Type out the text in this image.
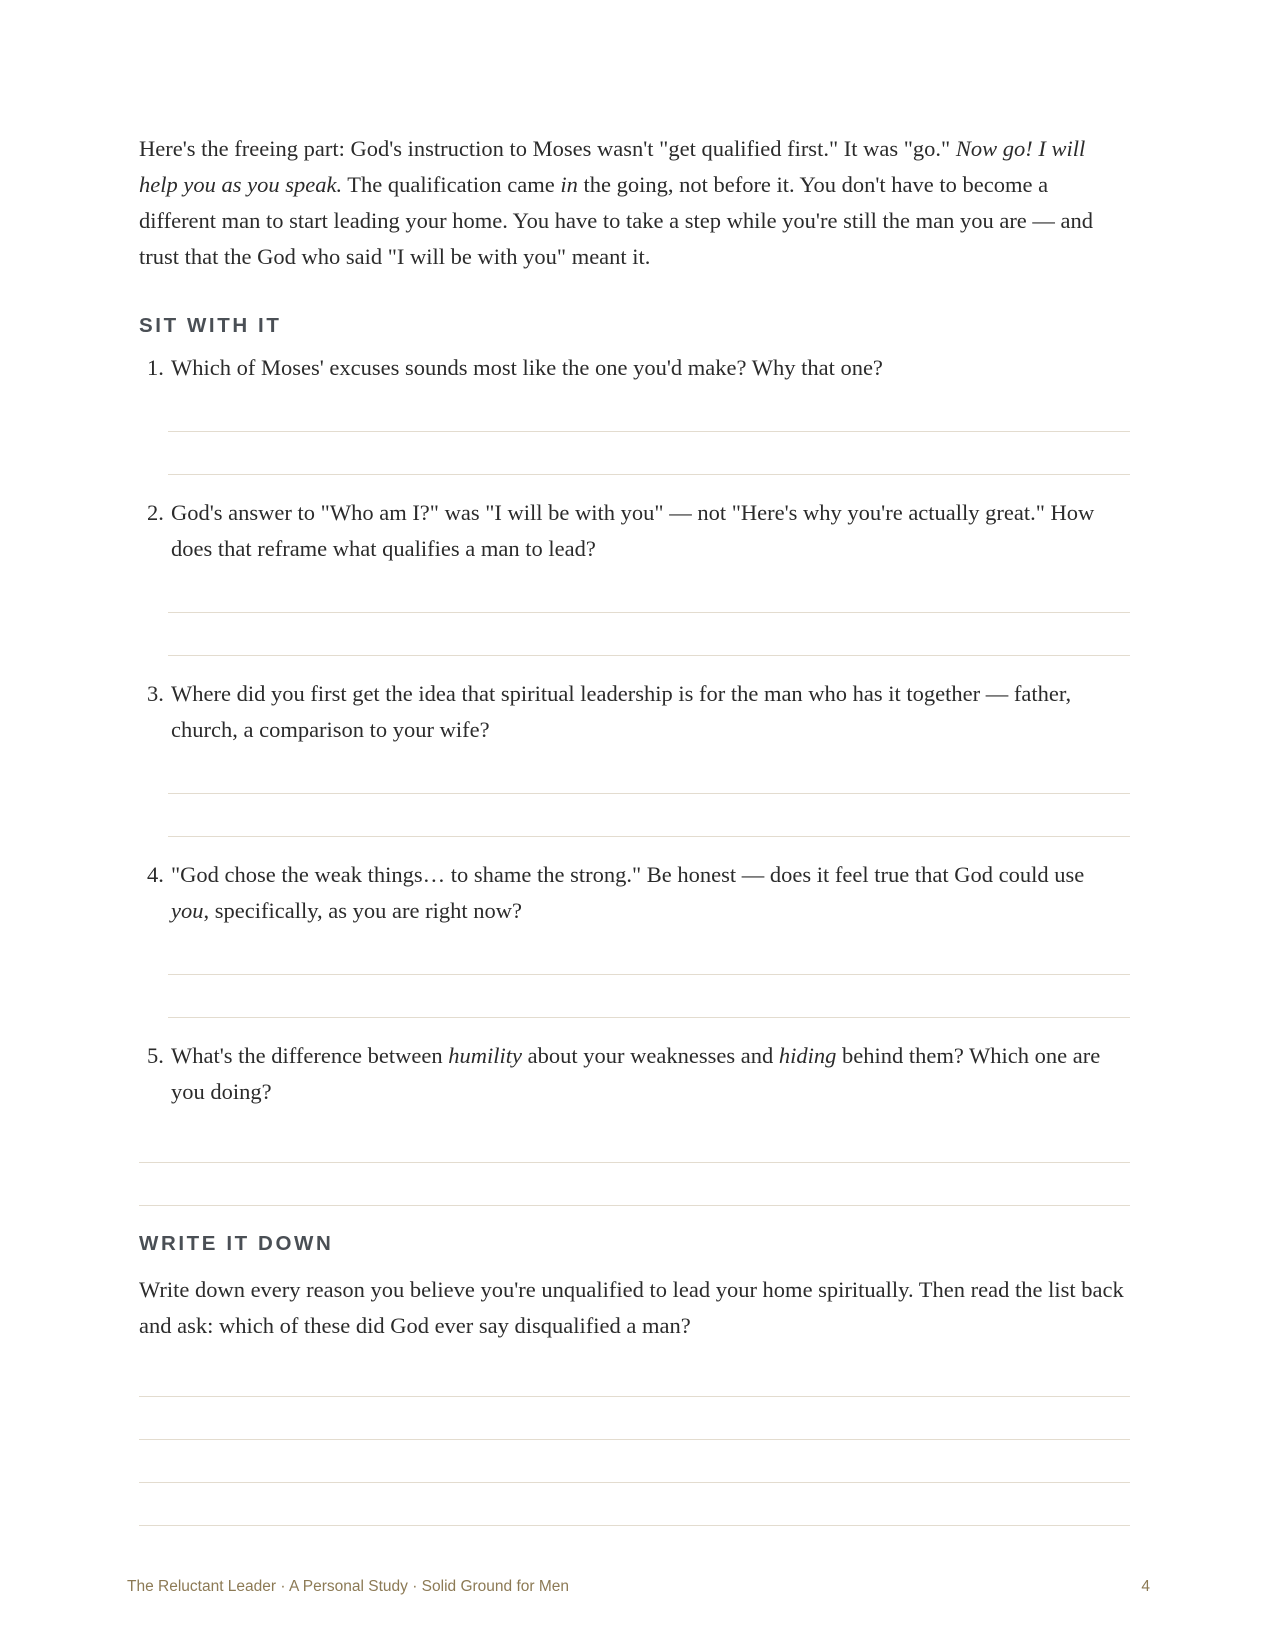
Here's the freeing part: God's instruction to Moses wasn't "get qualified first." It was "go." Now go! I will help you as you speak. The qualification came in the going, not before it. You don't have to become a different man to start leading your home. You have to take a step while you're still the man you are — and trust that the God who said "I will be with you" meant it.

SIT WITH IT
1. Which of Moses' excuses sounds most like the one you'd make? Why that one?
2. God's answer to "Who am I?" was "I will be with you" — not "Here's why you're actually great." How does that reframe what qualifies a man to lead?
3. Where did you first get the idea that spiritual leadership is for the man who has it together — father, church, a comparison to your wife?
4. "God chose the weak things… to shame the strong." Be honest — does it feel true that God could use you, specifically, as you are right now?
5. What's the difference between humility about your weaknesses and hiding behind them? Which one are you doing?
WRITE IT DOWN

Write down every reason you believe you're unqualified to lead your home spiritually. Then read the list back and ask: which of these did God ever say disqualified a man?

The Reluctant Leader · A Personal Study · Solid Ground for Men	4
